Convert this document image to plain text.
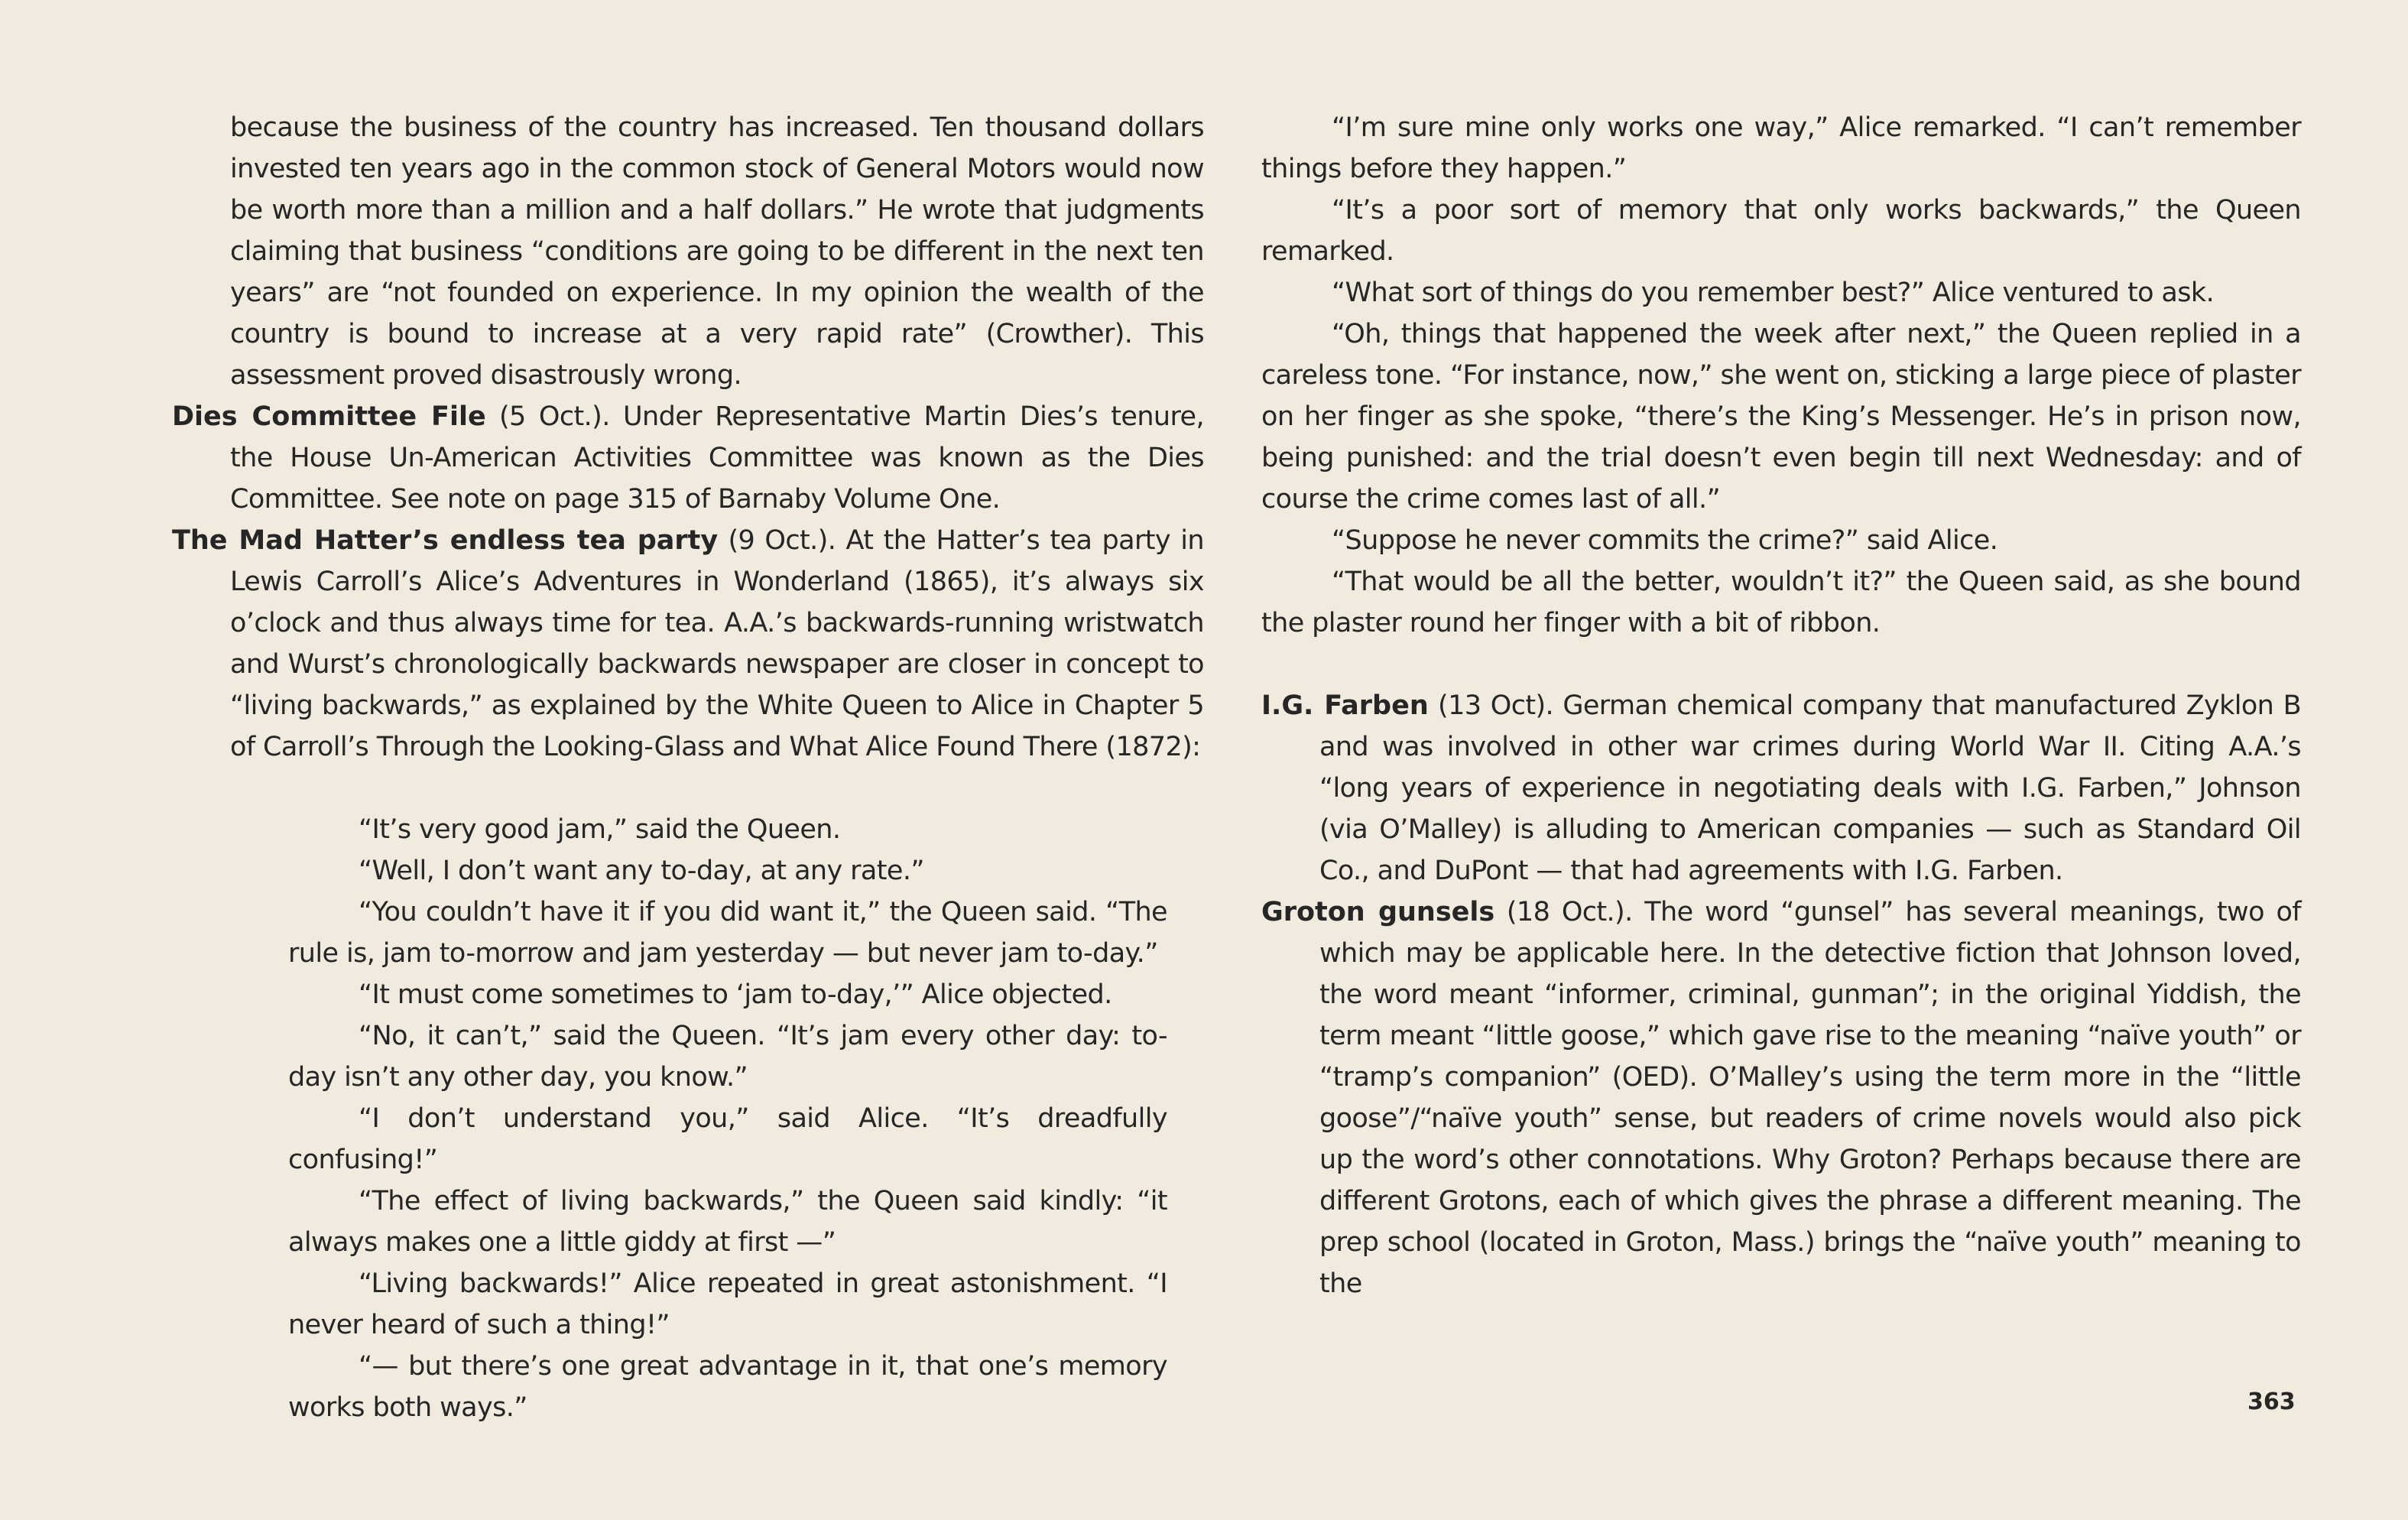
because the business of the country has increased. Ten thousand dollars invested ten years ago in the common stock of General Motors would now be worth more than a million and a half dollars.” He wrote that judgments claiming that business “conditions are going to be different in the next ten years” are “not founded on experience. In my opinion the wealth of the country is bound to increase at a very rapid rate” (Crowther). This assessment proved disastrously wrong.

Dies Committee File (5 Oct.). Under Representative Martin Dies’s tenure, the House Un-American Activities Committee was known as the Dies Committee. See note on page 315 of Barnaby Volume One.

The Mad Hatter’s endless tea party (9 Oct.). At the Hatter’s tea party in Lewis Carroll’s Alice’s Adventures in Wonderland (1865), it’s always six o’clock and thus always time for tea. A.A.’s backwards-running wristwatch and Wurst’s chronologically backwards newspaper are closer in concept to “living backwards,” as explained by the White Queen to Alice in Chapter 5 of Carroll’s Through the Looking-Glass and What Alice Found There (1872):

“It’s very good jam,” said the Queen.

“Well, I don’t want any to-day, at any rate.”

“You couldn’t have it if you did want it,” the Queen said. “The rule is, jam to-morrow and jam yesterday — but never jam to-day.”

“It must come sometimes to ‘jam to-day,’” Alice objected.

“No, it can’t,” said the Queen. “It’s jam every other day: to-day isn’t any other day, you know.”

“I don’t understand you,” said Alice. “It’s dreadfully confusing!”

“The effect of living backwards,” the Queen said kindly: “it always makes one a little giddy at first —”

“Living backwards!” Alice repeated in great astonishment. “I never heard of such a thing!”

“— but there’s one great advantage in it, that one’s memory works both ways.”

“I’m sure mine only works one way,” Alice remarked. “I can’t remember things before they happen.”

“It’s a poor sort of memory that only works backwards,” the Queen remarked.

“What sort of things do you remember best?” Alice ventured to ask.

“Oh, things that happened the week after next,” the Queen replied in a careless tone. “For instance, now,” she went on, sticking a large piece of plaster on her finger as she spoke, “there’s the King’s Messenger. He’s in prison now, being punished: and the trial doesn’t even begin till next Wednesday: and of course the crime comes last of all.”

“Suppose he never commits the crime?” said Alice.

“That would be all the better, wouldn’t it?” the Queen said, as she bound the plaster round her finger with a bit of ribbon.

I.G. Farben (13 Oct). German chemical company that manufactured Zyklon B and was involved in other war crimes during World War II. Citing A.A.’s “long years of experience in negotiating deals with I.G. Farben,” Johnson (via O’Malley) is alluding to American companies — such as Standard Oil Co., and DuPont — that had agreements with I.G. Farben.

Groton gunsels (18 Oct.). The word “gunsel” has several meanings, two of which may be applicable here. In the detective fiction that Johnson loved, the word meant “informer, criminal, gunman”; in the original Yiddish, the term meant “little goose,” which gave rise to the meaning “naïve youth” or “tramp’s companion” (OED). O’Malley’s using the term more in the “little goose”/“naïve youth” sense, but readers of crime novels would also pick up the word’s other connotations. Why Groton? Perhaps because there are different Grotons, each of which gives the phrase a different meaning. The prep school (located in Groton, Mass.) brings the “naïve youth” meaning to the

363
